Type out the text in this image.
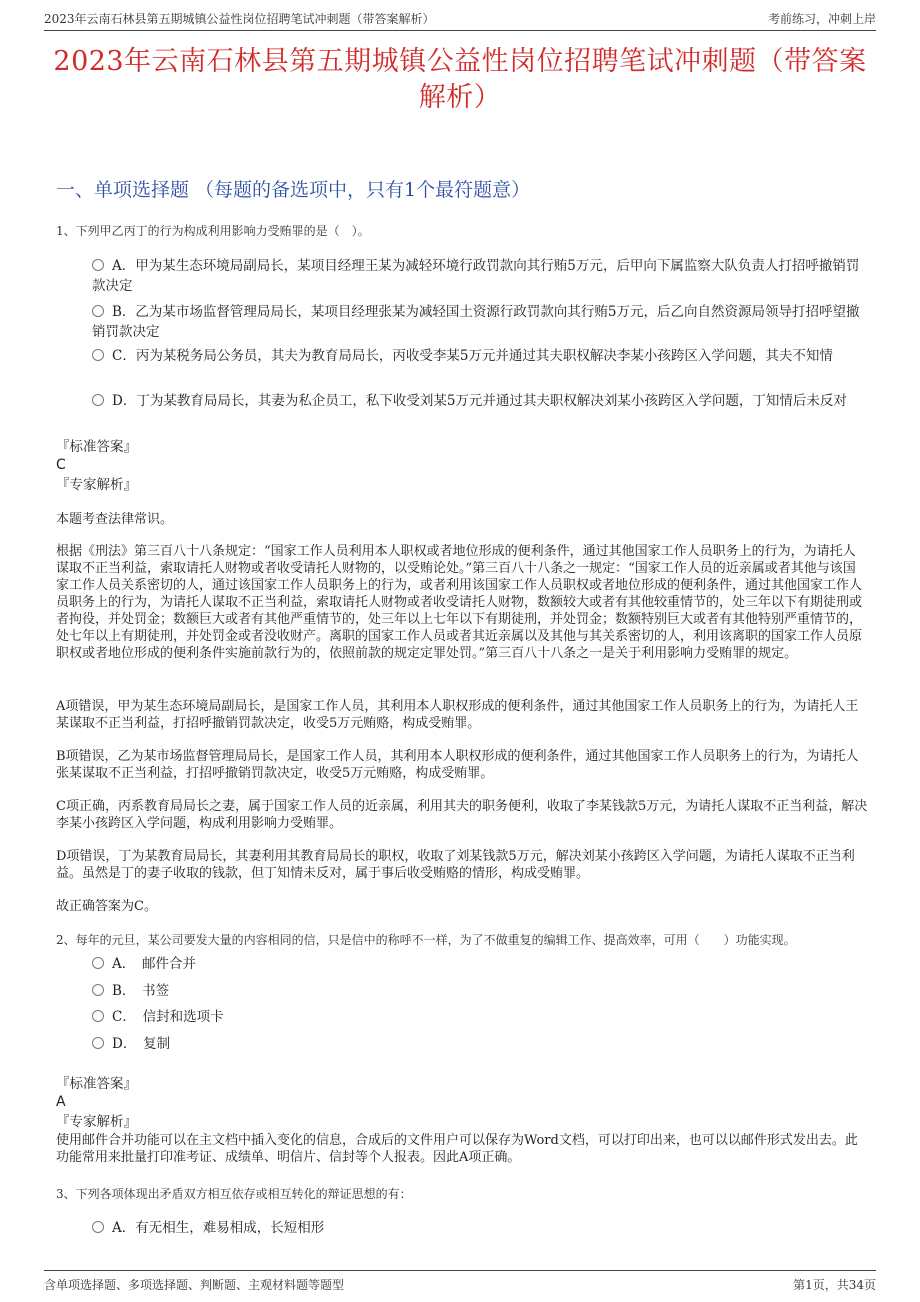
2023年云南石林县第五期城镇公益性岗位招聘笔试冲刺题（带答案解析）	考前练习，冲刺上岸
2023年云南石林县第五期城镇公益性岗位招聘笔试冲刺题（带答案解析）
一、单项选择题 （每题的备选项中，只有1个最符题意）
1、下列甲乙丙丁的行为构成利用影响力受贿罪的是（　）。
A．甲为某生态环境局副局长，某项目经理王某为减轻环境行政罚款向其行贿5万元，后甲向下属监察大队负责人打招呼撤销罚款决定
B．乙为某市场监督管理局局长，某项目经理张某为减轻国土资源行政罚款向其行贿5万元，后乙向自然资源局领导打招呼望撤销罚款决定
C．丙为某税务局公务员，其夫为教育局局长，丙收受李某5万元并通过其夫职权解决李某小孩跨区入学问题，其夫不知情
D．丁为某教育局局长，其妻为私企员工，私下收受刘某5万元并通过其夫职权解决刘某小孩跨区入学问题，丁知情后未反对
『标准答案』
C
『专家解析』
本题考查法律常识。
根据《刑法》第三百八十八条规定：“国家工作人员利用本人职权或者地位形成的便利条件，通过其他国家工作人员职务上的行为，为请托人谋取不正当利益，索取请托人财物或者收受请托人财物的，以受贿论处。”第三百八十八条之一规定：“国家工作人员的近亲属或者其他与该国家工作人员关系密切的人，通过该国家工作人员职务上的行为，或者利用该国家工作人员职权或者地位形成的便利条件，通过其他国家工作人员职务上的行为，为请托人谋取不正当利益，索取请托人财物或者收受请托人财物，数额较大或者有其他较重情节的，处三年以下有期徒刑或者拘役，并处罚金；数额巨大或者有其他严重情节的，处三年以上七年以下有期徒刑，并处罚金；数额特别巨大或者有其他特别严重情节的，处七年以上有期徒刑，并处罚金或者没收财产。离职的国家工作人员或者其近亲属以及其他与其关系密切的人，利用该离职的国家工作人员原职权或者地位形成的便利条件实施前款行为的，依照前款的规定定罪处罚。”第三百八十八条之一是关于利用影响力受贿罪的规定。
A项错误，甲为某生态环境局副局长，是国家工作人员，其利用本人职权形成的便利条件，通过其他国家工作人员职务上的行为，为请托人王某谋取不正当利益，打招呼撤销罚款决定，收受5万元贿赂，构成受贿罪。
B项错误，乙为某市场监督管理局局长，是国家工作人员，其利用本人职权形成的便利条件，通过其他国家工作人员职务上的行为，为请托人张某谋取不正当利益，打招呼撤销罚款决定，收受5万元贿赂，构成受贿罪。
C项正确，丙系教育局局长之妻，属于国家工作人员的近亲属，利用其夫的职务便利，收取了李某钱款5万元，为请托人谋取不正当利益，解决李某小孩跨区入学问题，构成利用影响力受贿罪。
D项错误，丁为某教育局局长，其妻利用其教育局局长的职权，收取了刘某钱款5万元，解决刘某小孩跨区入学问题，为请托人谋取不正当利益。虽然是丁的妻子收取的钱款，但丁知情未反对，属于事后收受贿赂的情形，构成受贿罪。
故正确答案为C。
2、每年的元旦，某公司要发大量的内容相同的信，只是信中的称呼不一样，为了不做重复的编辑工作、提高效率，可用（　　）功能实现。
A．　邮件合并
B．　书签
C．　信封和选项卡
D．　复制
『标准答案』
A
『专家解析』
使用邮件合并功能可以在主文档中插入变化的信息，合成后的文件用户可以保存为Word文档，可以打印出来，也可以以邮件形式发出去。此功能常用来批量打印准考证、成绩单、明信片、信封等个人报表。因此A项正确。
3、下列各项体现出矛盾双方相互依存或相互转化的辩证思想的有：
A．有无相生，难易相成，长短相形
含单项选择题、多项选择题、判断题、主观材料题等题型	第1页，共34页
